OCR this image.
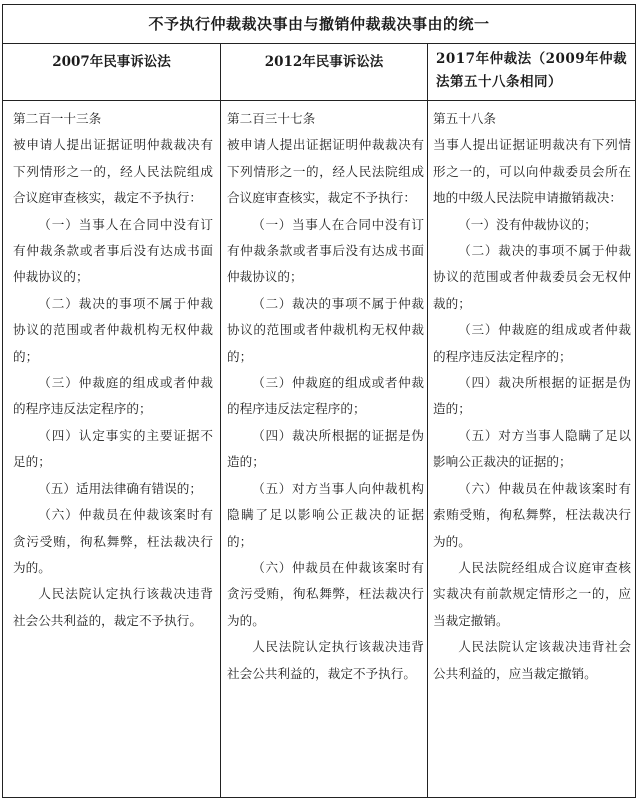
不予执行仲裁裁决事由与撤销仲裁裁决事由的统一
2007年民事诉讼法	2012年民事诉讼法	2017年仲裁法（2009年仲裁法第五十八条相同）

第二百一十三条

被申请人提出证据证明仲裁裁决有下列情形之一的，经人民法院组成合议庭审查核实，裁定不予执行：

（一）当事人在合同中没有订有仲裁条款或者事后没有达成书面仲裁协议的；

（二）裁决的事项不属于仲裁协议的范围或者仲裁机构无权仲裁的；

（三）仲裁庭的组成或者仲裁的程序违反法定程序的；

（四）认定事实的主要证据不足的；

（五）适用法律确有错误的；

（六）仲裁员在仲裁该案时有贪污受贿，徇私舞弊，枉法裁决行为的。

人民法院认定执行该裁决违背社会公共利益的，裁定不予执行。

第二百三十七条

被申请人提出证据证明仲裁裁决有下列情形之一的，经人民法院组成合议庭审查核实，裁定不予执行：

（一）当事人在合同中没有订有仲裁条款或者事后没有达成书面仲裁协议的；

（二）裁决的事项不属于仲裁协议的范围或者仲裁机构无权仲裁的；

（三）仲裁庭的组成或者仲裁的程序违反法定程序的；

（四）裁决所根据的证据是伪造的；

（五）对方当事人向仲裁机构隐瞒了足以影响公正裁决的证据的；

（六）仲裁员在仲裁该案时有贪污受贿，徇私舞弊，枉法裁决行为的。

人民法院认定执行该裁决违背社会公共利益的，裁定不予执行。

第五十八条

当事人提出证据证明裁决有下列情形之一的，可以向仲裁委员会所在地的中级人民法院申请撤销裁决：

（一）没有仲裁协议的；

（二）裁决的事项不属于仲裁协议的范围或者仲裁委员会无权仲裁的；

（三）仲裁庭的组成或者仲裁的程序违反法定程序的；

（四）裁决所根据的证据是伪造的；

（五）对方当事人隐瞒了足以影响公正裁决的证据的；

（六）仲裁员在仲裁该案时有索贿受贿，徇私舞弊，枉法裁决行为的。

人民法院经组成合议庭审查核实裁决有前款规定情形之一的，应当裁定撤销。

人民法院认定该裁决违背社会公共利益的，应当裁定撤销。
